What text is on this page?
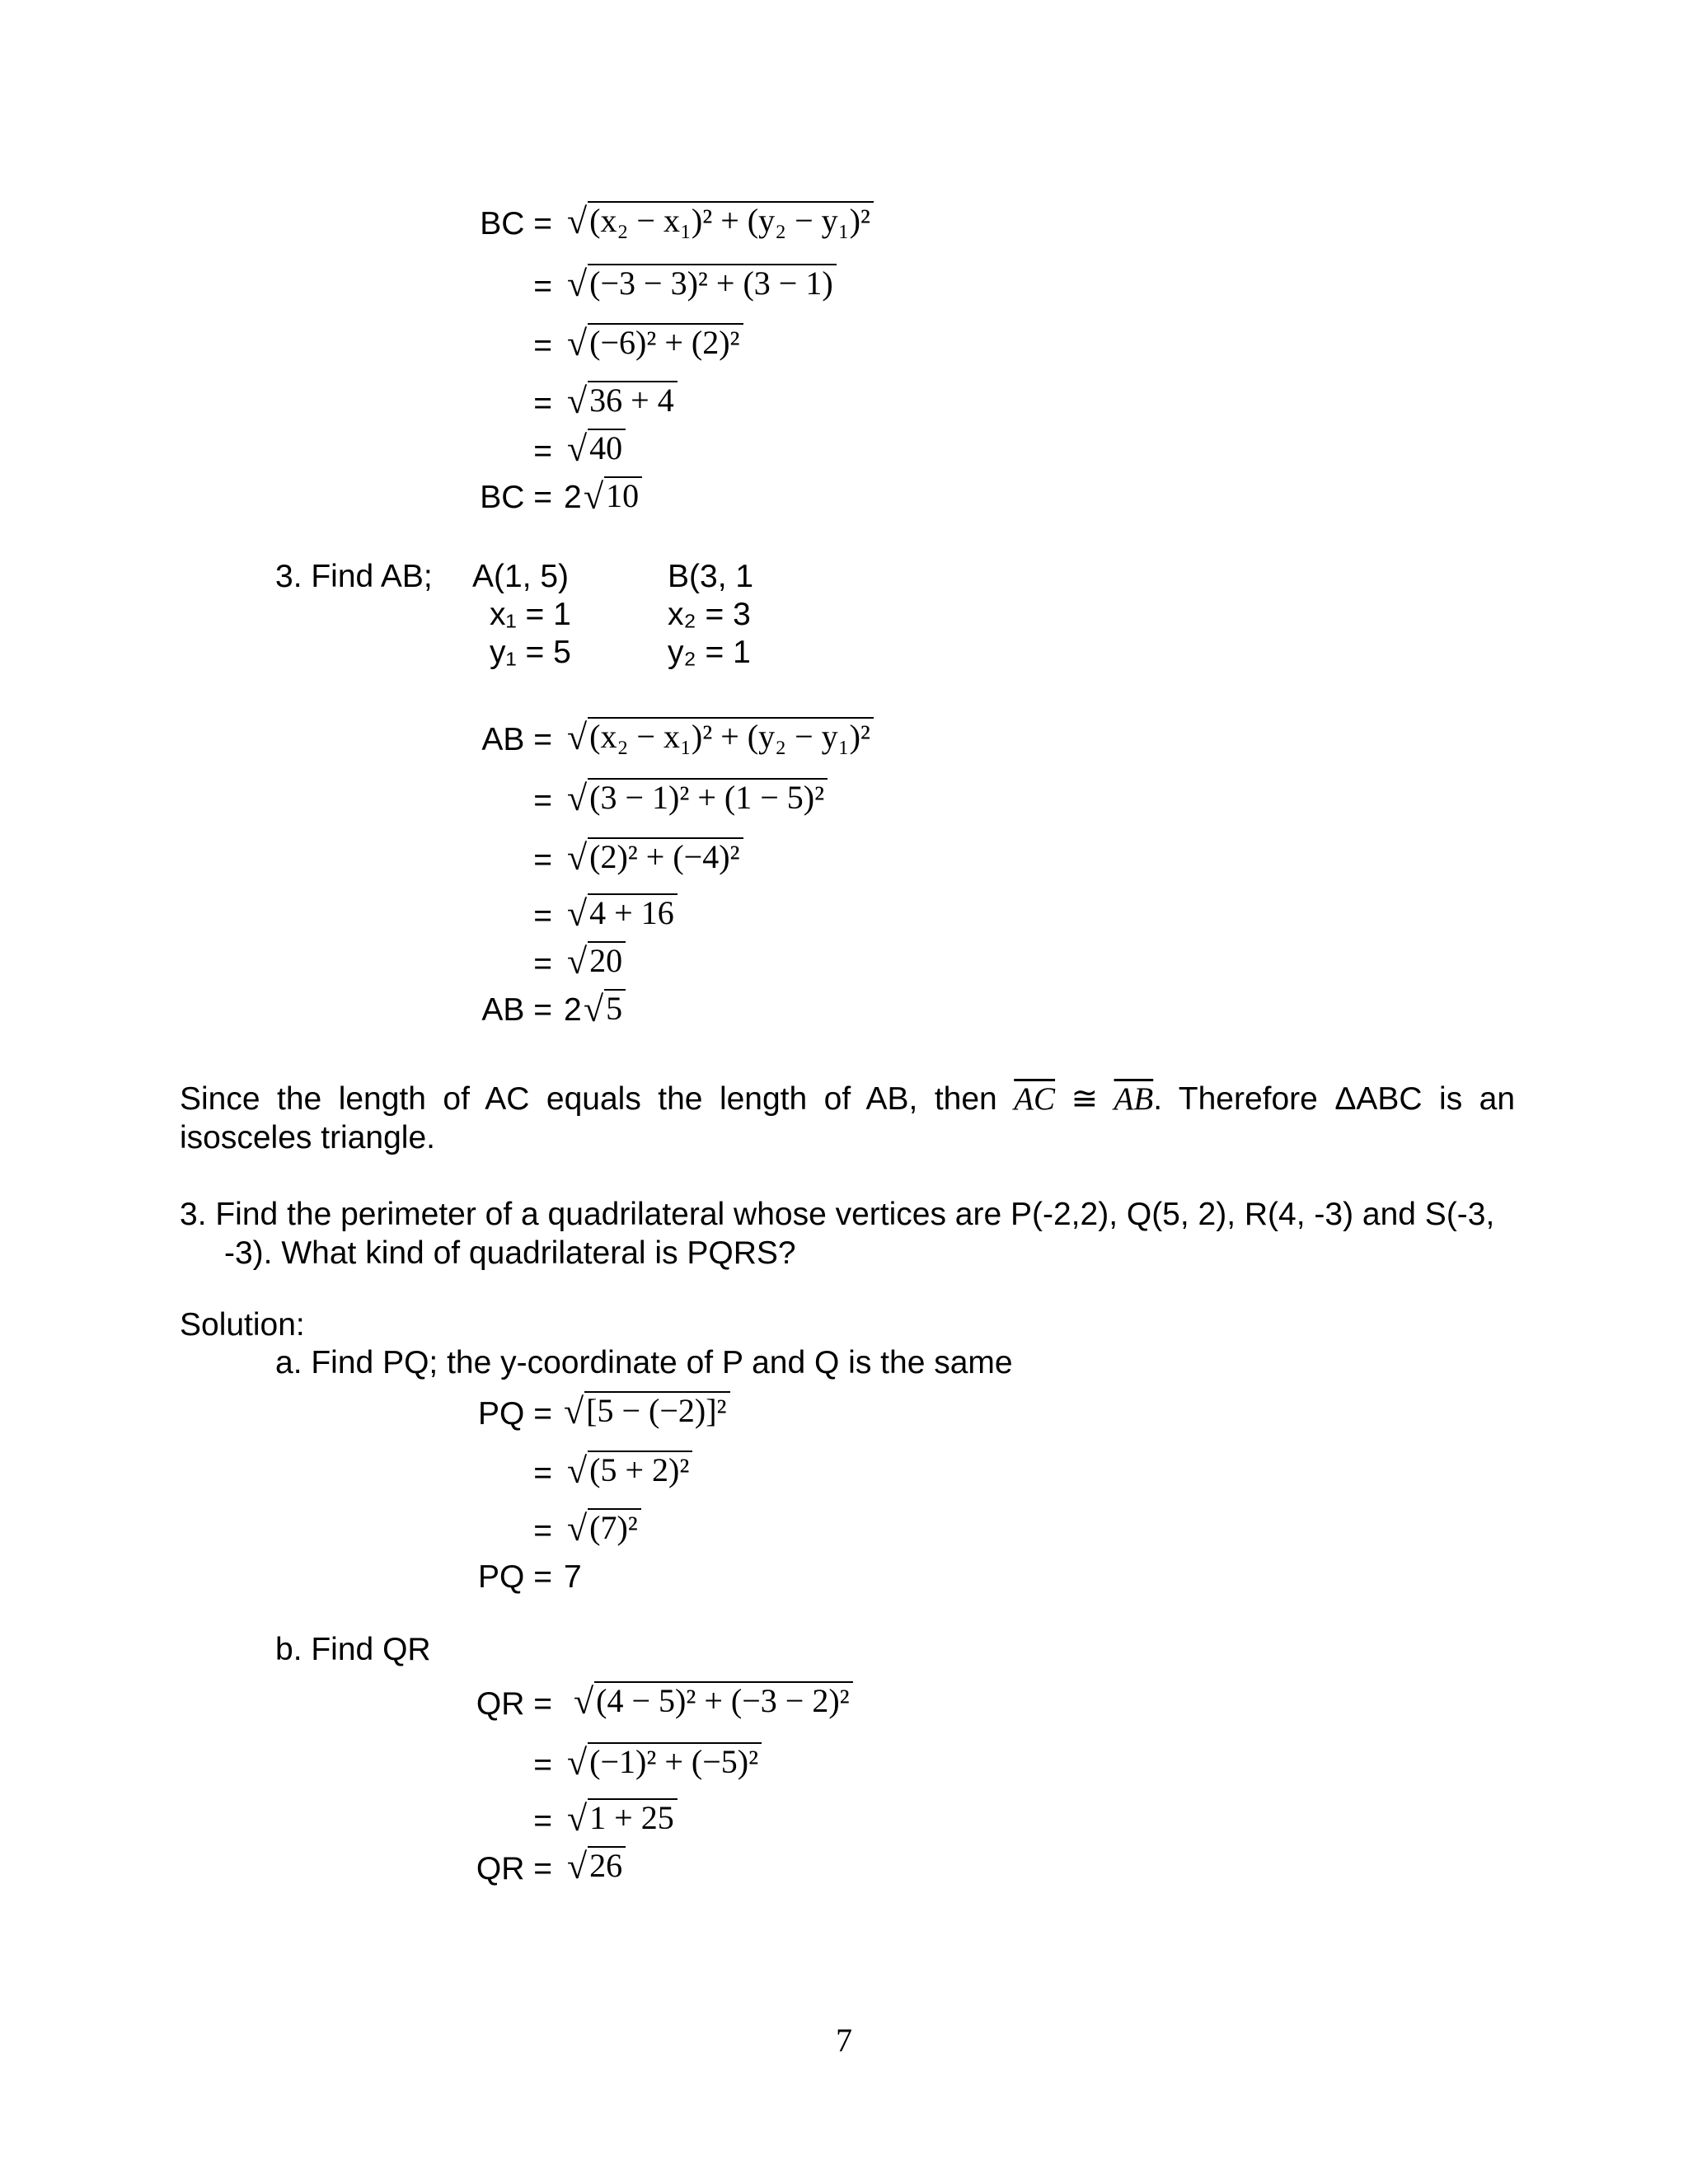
BC = √(x₂ − x₁)² + (y₂ − y₁)²
= √(−3 − 3)² + (3 − 1)
= √(−6)² + (2)²
= √36 + 4
= √40
BC = 2 √10
3. Find AB; A(1, 5)
x₁ = 1
y₁ = 5
B(3, 1
x₂ = 3
y₂ = 1
AB = √(x₂ − x₁)² + (y₂ − y₁)²
= √(3 − 1)² + (1 − 5)²
= √(2)² + (−4)²
= √4 + 16
= √20
AB = 2 √5
Since the length of AC equals the length of AB, then $\overline{AC}$ ≅ $\overline{AB}$. Therefore ΔABC is an isosceles triangle.
3. Find the perimeter of a quadrilateral whose vertices are P(-2,2), Q(5, 2), R(4, -3) and S(-3, -3). What kind of quadrilateral is PQRS?
Solution:
a. Find PQ; the y-coordinate of P and Q is the same
PQ = √[5 − (−2)]²
= √(5 + 2)²
= √(7)²
PQ = 7
b. Find QR
QR = √(4 − 5)² + (−3 − 2)²
= √(−1)² + (−5)²
= √1 + 25
QR = √26
7
